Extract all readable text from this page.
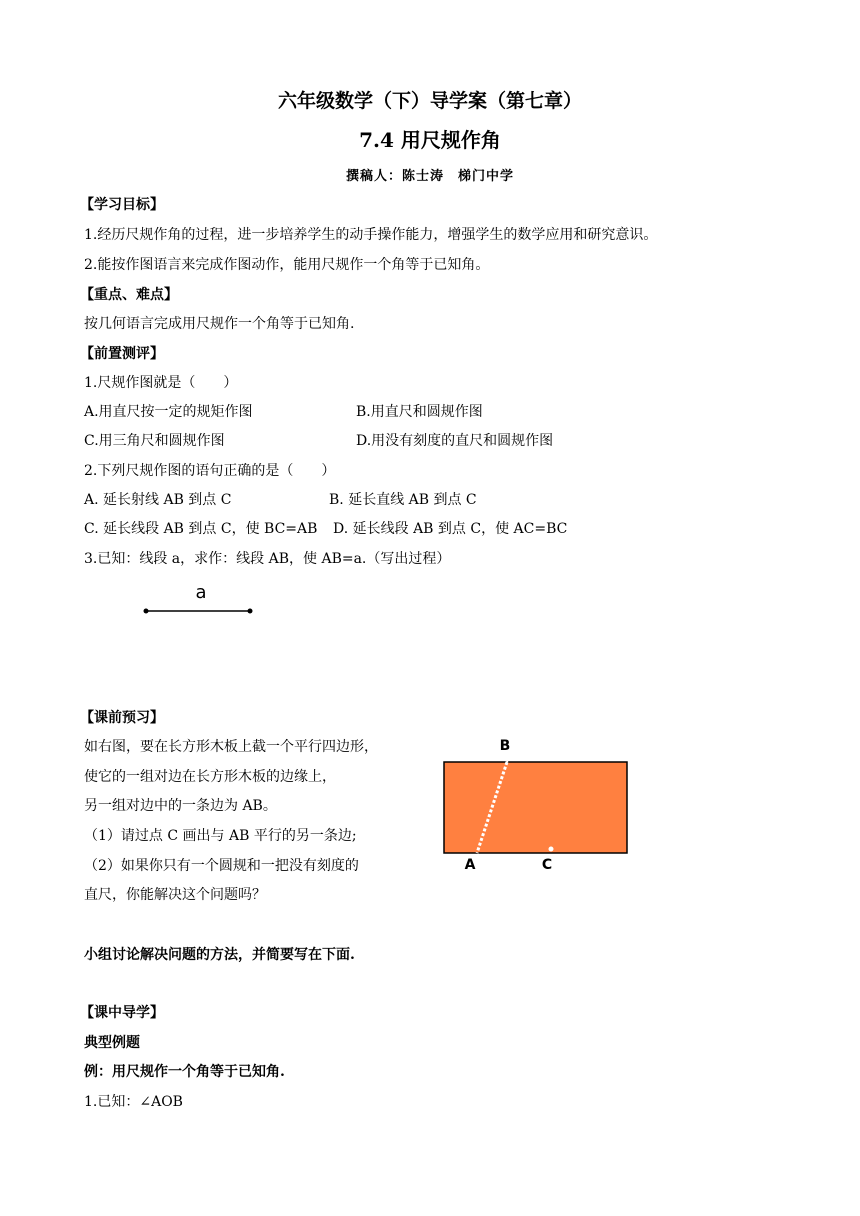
六年级数学（下）导学案（第七章）
7.4 用尺规作角
撰稿人：陈士涛　梯门中学
【学习目标】
1.经历尺规作角的过程，进一步培养学生的动手操作能力，增强学生的数学应用和研究意识。
2.能按作图语言来完成作图动作，能用尺规作一个角等于已知角。
【重点、难点】
按几何语言完成用尺规作一个角等于已知角.
【前置测评】
1.尺规作图就是（　　）
A.用直尺按一定的规矩作图	B.用直尺和圆规作图
C.用三角尺和圆规作图	D.用没有刻度的直尺和圆规作图
2.下列尺规作图的语句正确的是（　　）
A. 延长射线 AB 到点 C	B. 延长直线 AB 到点 C
C. 延长线段 AB 到点 C，使 BC=AB D. 延长线段 AB 到点 C，使 AC=BC
3.已知：线段 a，求作：线段 AB，使 AB=a.（写出过程）
a
【课前预习】
如右图，要在长方形木板上截一个平行四边形，
使它的一组对边在长方形木板的边缘上，
另一组对边中的一条边为 AB。
（1）请过点 C 画出与 AB 平行的另一条边;
（2）如果你只有一个圆规和一把没有刻度的
直尺，你能解决这个问题吗？
B
A	C
小组讨论解决问题的方法，并简要写在下面.
【课中导学】
典型例题
例：用尺规作一个角等于已知角.
1.已知：∠AOB
